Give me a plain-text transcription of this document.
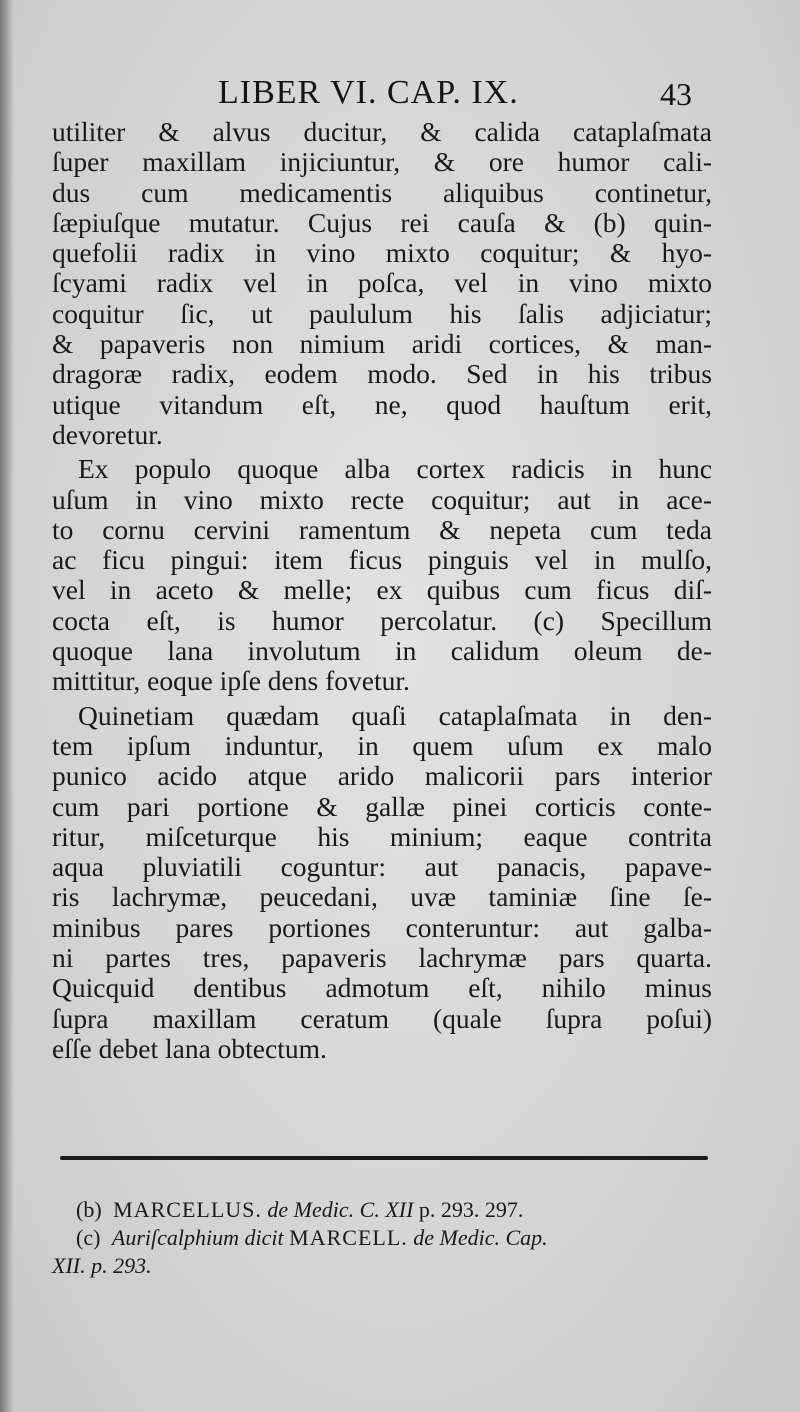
LIBER VI. CAP. IX.	43
utiliter & alvus ducitur, & calida cataplaſmata
ſuper maxillam injiciuntur, & ore humor cali-
dus cum medicamentis aliquibus continetur,
ſæpiuſque mutatur. Cujus rei cauſa & (b) quin-
quefolii radix in vino mixto coquitur; & hyo-
ſcyami radix vel in poſca, vel in vino mixto
coquitur ſic, ut paululum his ſalis adjiciatur;
& papaveris non nimium aridi cortices, & man-
dragoræ radix, eodem modo. Sed in his tribus
utique vitandum eſt, ne, quod hauſtum erit,
devoretur.
Ex populo quoque alba cortex radicis in hunc
uſum in vino mixto recte coquitur; aut in ace-
to cornu cervini ramentum & nepeta cum teda
ac ficu pingui: item ficus pinguis vel in mulſo,
vel in aceto & melle; ex quibus cum ficus diſ-
cocta eſt, is humor percolatur. (c) Specillum
quoque lana involutum in calidum oleum de-
mittitur, eoque ipſe dens fovetur.
Quinetiam quædam quaſi cataplaſmata in den-
tem ipſum induntur, in quem uſum ex malo
punico acido atque arido malicorii pars interior
cum pari portione & gallæ pinei corticis conte-
ritur, miſceturque his minium; eaque contrita
aqua pluviatili coguntur: aut panacis, papave-
ris lachrymæ, peucedani, uvæ taminiæ ſine ſe-
minibus pares portiones conteruntur: aut galba-
ni partes tres, papaveris lachrymæ pars quarta.
Quicquid dentibus admotum eſt, nihilo minus
ſupra maxillam ceratum (quale ſupra poſui)
eſſe debet lana obtectum.
(b) MARCELLUS. de Medic. C. XII p. 293. 297.
(c) Auriſcalphium dicit MARCELL. de Medic. Cap.
XII. p. 293.
